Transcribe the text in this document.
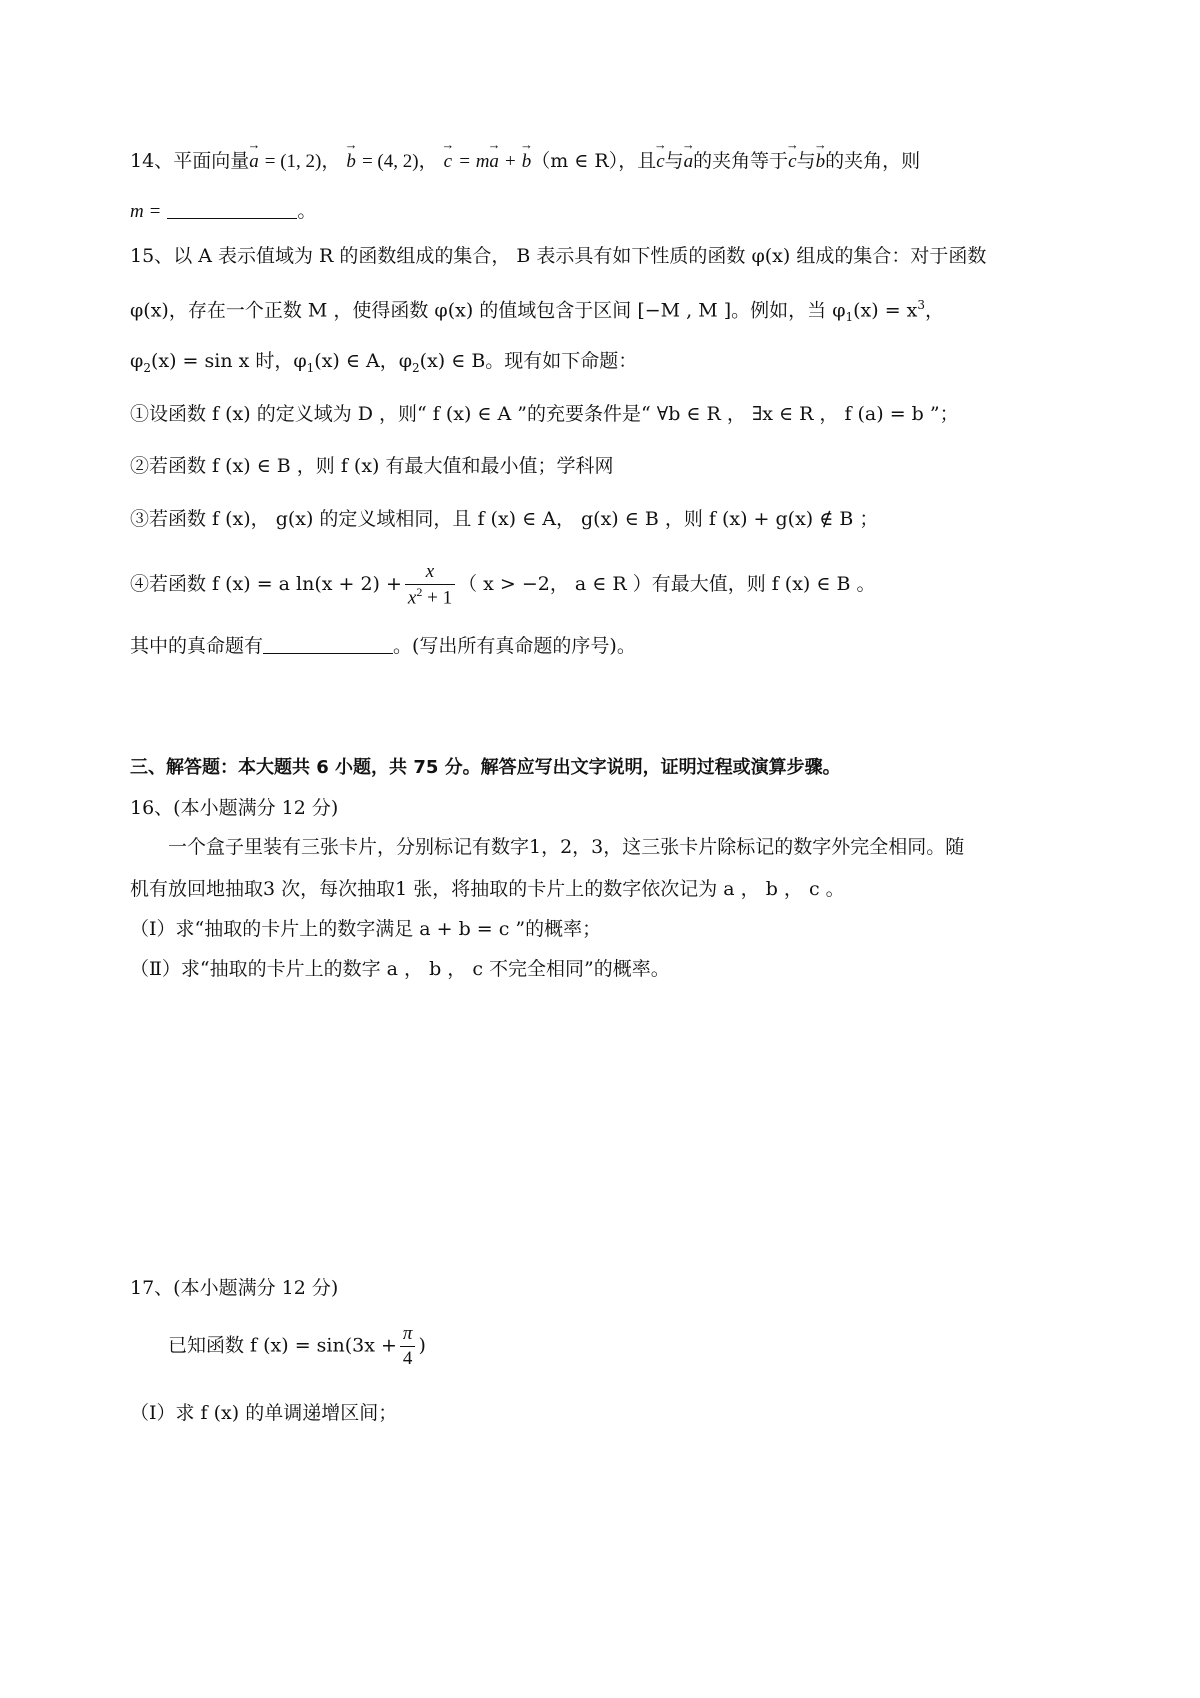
14、平面向量→ a = (1, 2)， → b = (4, 2)， → c = m→ a + → b（m ∈ R），且→ c与→ a的夹角等于→ c与→ b的夹角，则
m =	。
15、以 A 表示值域为 R 的函数组成的集合， B 表示具有如下性质的函数 φ(x) 组成的集合：对于函数
φ(x)，存在一个正数 M ，使得函数 φ(x) 的值域包含于区间 [−M , M ]。例如，当 $\varphi_1(x) = x^3$，
$\varphi_2(x) = \sin x$ 时，$\varphi_1(x)$ ∈ A，$\varphi_2(x)$ ∈ B。现有如下命题：
①设函数 f (x) 的定义域为 D ，则“ f (x) ∈ A ”的充要条件是“ ∀b ∈ R ， ∃x ∈ R ， f (a) = b ”；
②若函数 f (x) ∈ B ，则 f (x) 有最大值和最小值；学科网
③若函数 f (x)， g(x) 的定义域相同，且 f (x) ∈ A， g(x) ∈ B ，则 f (x) + g(x) ∉ B ；
④若函数 f (x) = a $\ln(x + 2) + \frac{x}{x^2 + 1}$ （ x > −2， a ∈ R ）有最大值，则 f (x) ∈ B 。
其中的真命题有	。(写出所有真命题的序号)。
三、解答题：本大题共 6 小题，共 75 分。解答应写出文字说明，证明过程或演算步骤。
16、(本小题满分 12 分)
一个盒子里装有三张卡片，分别标记有数字1，2，3，这三张卡片除标记的数字外完全相同。随
机有放回地抽取3 次，每次抽取1 张，将抽取的卡片上的数字依次记为 a ， b ， c 。
（Ⅰ）求“抽取的卡片上的数字满足 a + b = c ”的概率；
（Ⅱ）求“抽取的卡片上的数字 a ， b ， c 不完全相同”的概率。
17、(本小题满分 12 分)
已知函数 f $(x) = \sin(3x + \frac{\pi}{4}$ )
（Ⅰ）求 f (x) 的单调递增区间；
